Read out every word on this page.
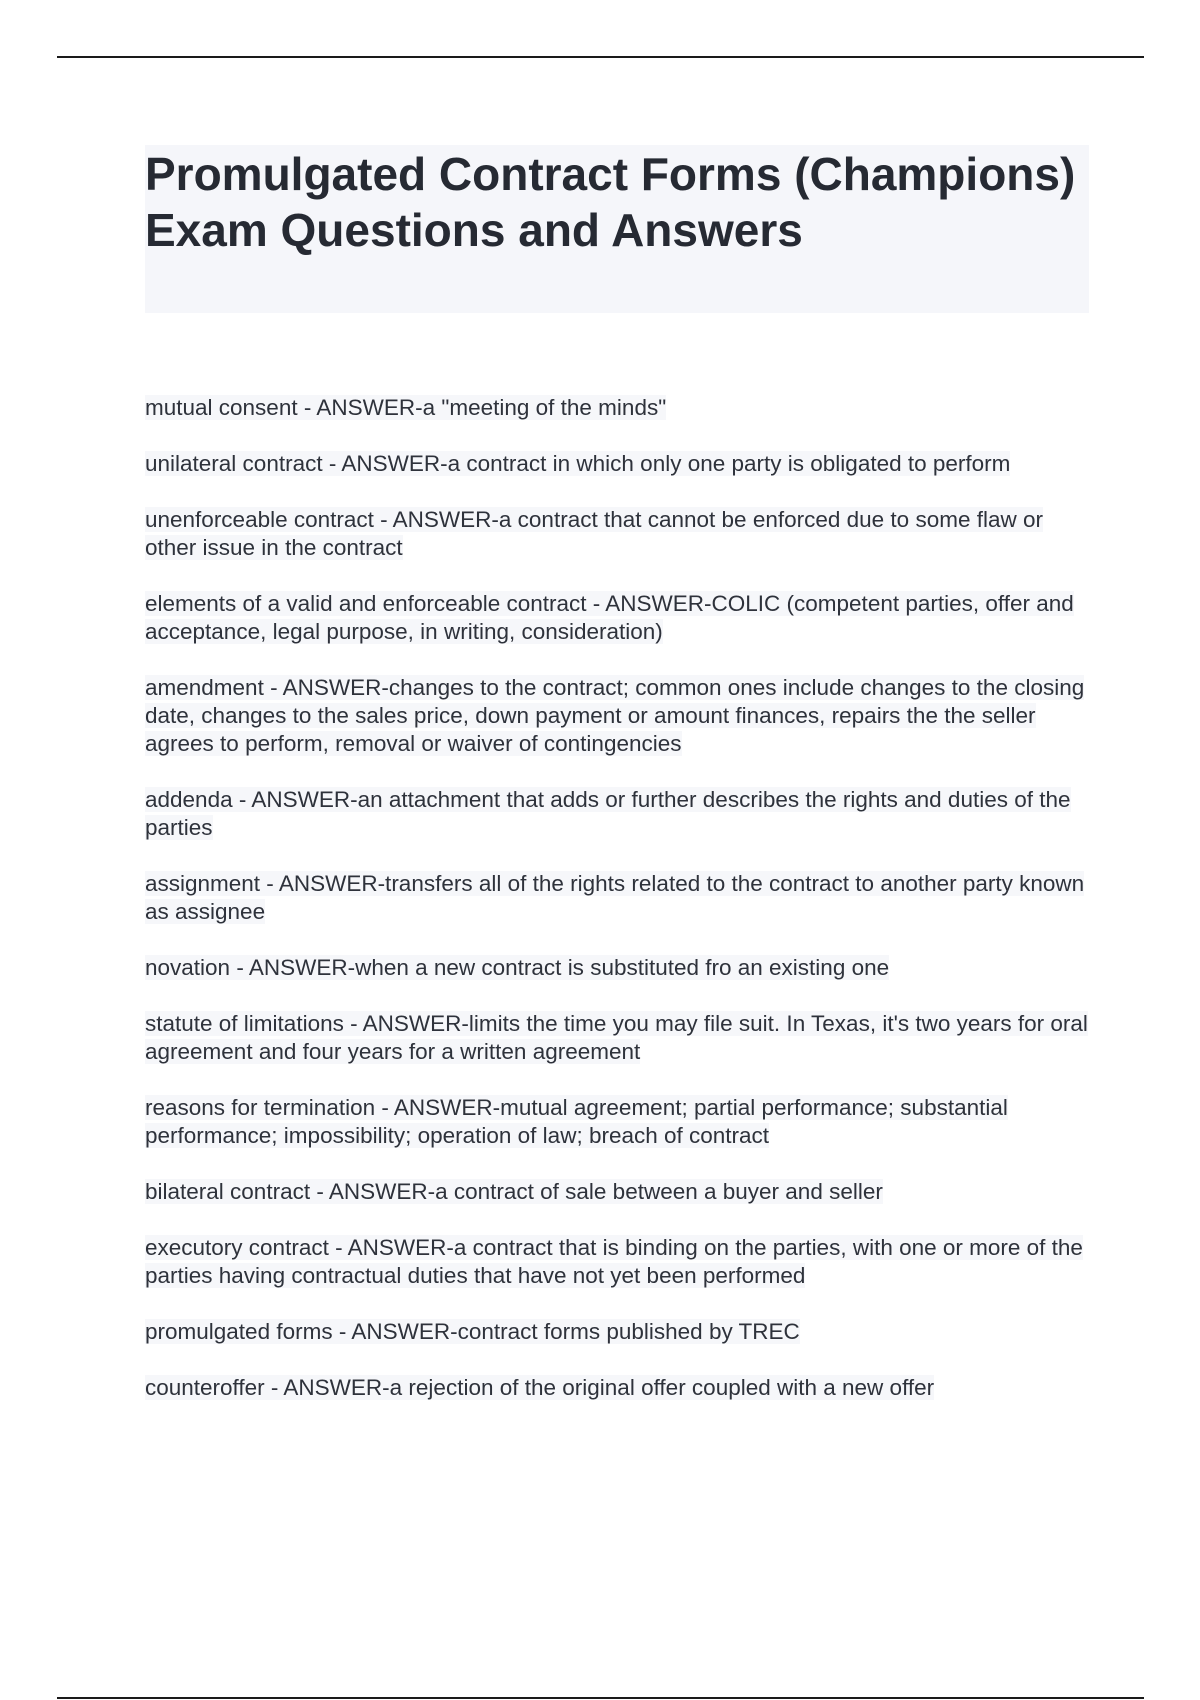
Promulgated Contract Forms (Champions) Exam Questions and Answers

mutual consent - ANSWER-a "meeting of the minds"

unilateral contract - ANSWER-a contract in which only one party is obligated to perform

unenforceable contract - ANSWER-a contract that cannot be enforced due to some flaw or other issue in the contract

elements of a valid and enforceable contract - ANSWER-COLIC (competent parties, offer and acceptance, legal purpose, in writing, consideration)

amendment - ANSWER-changes to the contract; common ones include changes to the closing date, changes to the sales price, down payment or amount finances, repairs the the seller agrees to perform, removal or waiver of contingencies

addenda - ANSWER-an attachment that adds or further describes the rights and duties of the parties

assignment - ANSWER-transfers all of the rights related to the contract to another party known as assignee

novation - ANSWER-when a new contract is substituted fro an existing one

statute of limitations - ANSWER-limits the time you may file suit. In Texas, it's two years for oral agreement and four years for a written agreement

reasons for termination - ANSWER-mutual agreement; partial performance; substantial performance; impossibility; operation of law; breach of contract

bilateral contract - ANSWER-a contract of sale between a buyer and seller

executory contract - ANSWER-a contract that is binding on the parties, with one or more of the parties having contractual duties that have not yet been performed

promulgated forms - ANSWER-contract forms published by TREC

counteroffer - ANSWER-a rejection of the original offer coupled with a new offer
